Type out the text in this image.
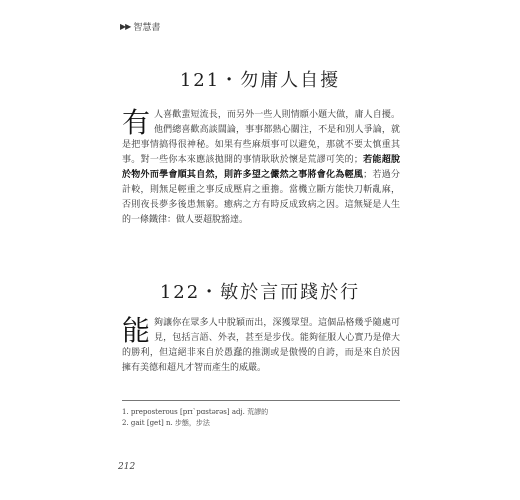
▶▶ 智慧書
121・勿庸人自擾
有人喜歡蜚短流長，而另外一些人則情願小題大做，庸人自擾。他們總喜歡高談闊論，事事都熱心關注，不是和別人爭論，就是把事情搞得很神秘。如果有些麻煩事可以避免，那就不要太慎重其事。對一些你本來應該拋開的事情耿耿於懷是荒謬可笑的；若能超脫於物外而學會順其自然，則許多望之儼然之事將會化為輕風；若過分計較，則無足輕重之事反成壓肩之重擔。當機立斷方能快刀斬亂麻，否則夜長夢多後患無窮。癒病之方有時反成致病之因。這無疑是人生的一條鐵律：做人要超脫豁達。
122・敏於言而踐於行
能夠讓你在眾多人中脫穎而出，深獲眾望。這個品格幾乎隨處可見，包括言語、外表，甚至是步伐。能夠征服人心實乃是偉大的勝利，但這絕非來自於愚蠢的推測或是傲慢的自誇，而是來自於因擁有美德和超凡才智而產生的威嚴。
1. preposterous [prɪˋpɑstərəs] adj. 荒謬的
2. gait [get] n. 步態，步法
212
